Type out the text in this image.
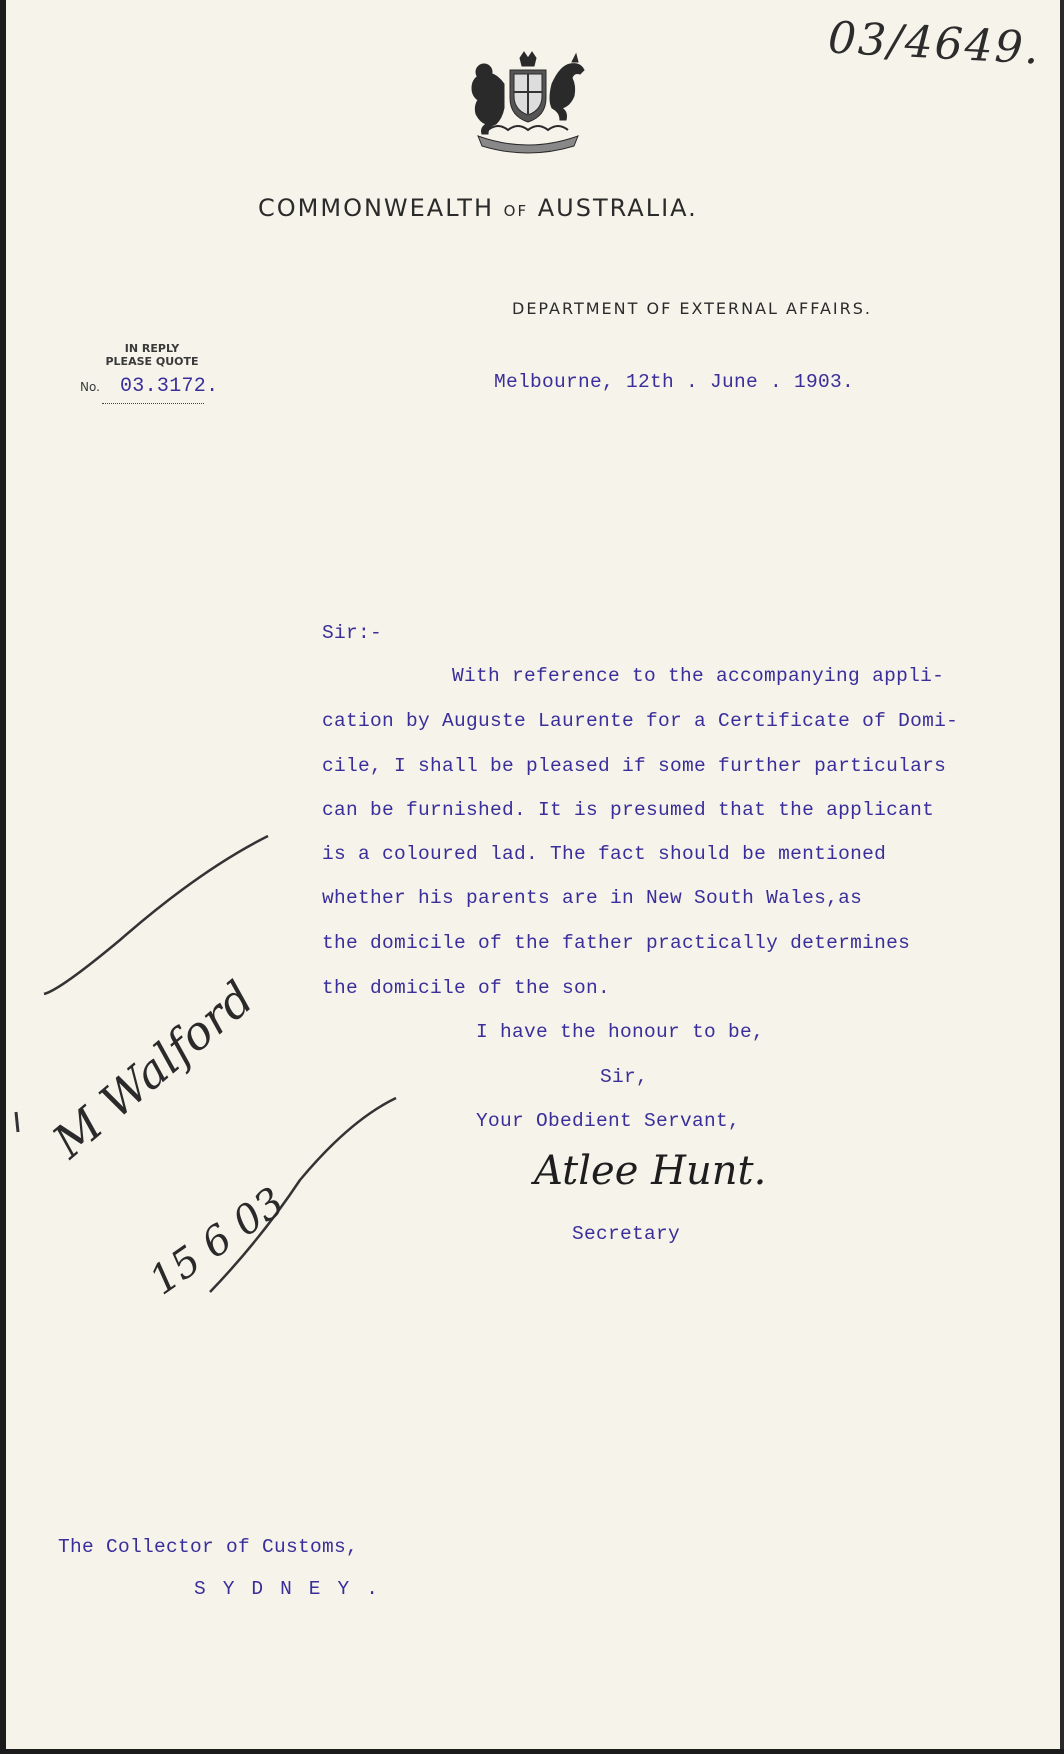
03/4649.
COMMONWEALTH OF AUSTRALIA.
DEPARTMENT OF EXTERNAL AFFAIRS.
IN REPLY
PLEASE QUOTE
No. 03.3172.	Melbourne, 12th . June . 1903.
Sir:-
With reference to the accompanying appli-
cation by Auguste Laurente for a Certificate of Domi-
cile, I shall be pleased if some further particulars
can be furnished. It is presumed that the applicant
is a coloured lad. The fact should be mentioned
whether his parents are in New South Wales,as
the domicile of the father practically determines
the domicile of the son.
I have the honour to be,
Sir,
Your Obedient Servant,
Atlee Hunt.
Secretary
The Collector of Customs,
SYDNEY.
M Walford
15 6 03
